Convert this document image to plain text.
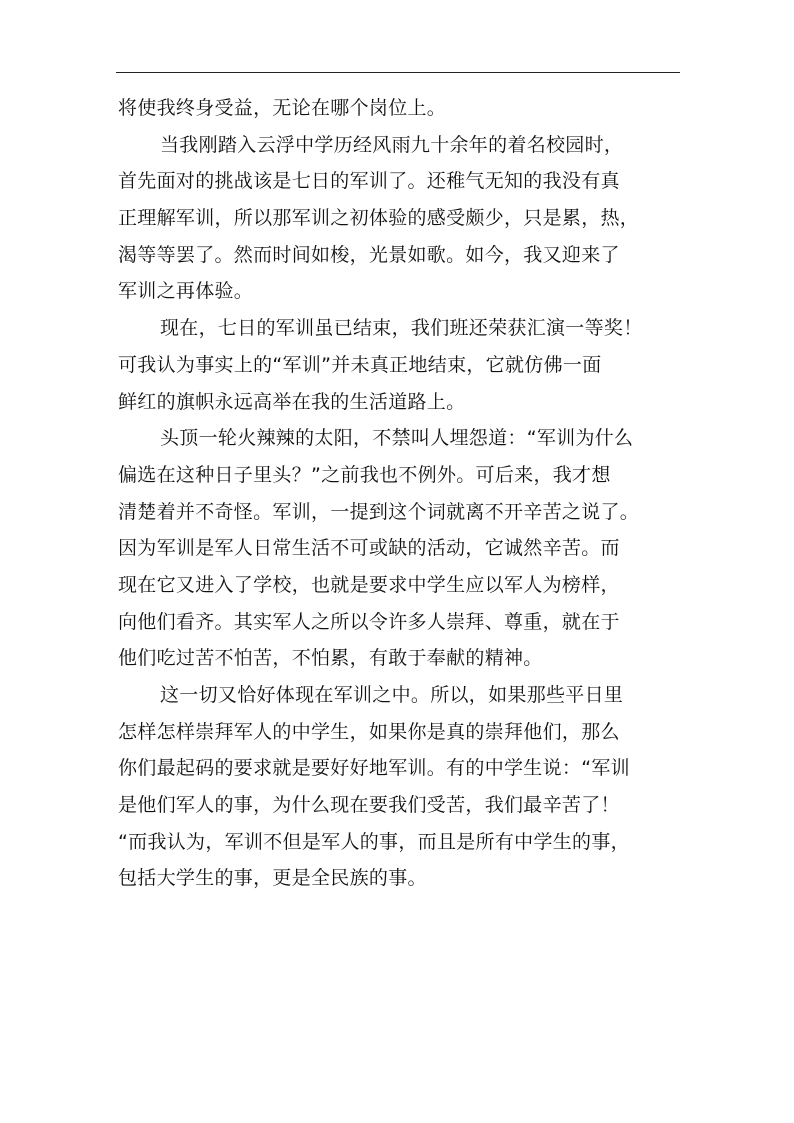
将使我终身受益，无论在哪个岗位上。
当我刚踏入云浮中学历经风雨九十余年的着名校园时，
首先面对的挑战该是七日的军训了。还稚气无知的我没有真
正理解军训，所以那军训之初体验的感受颇少，只是累，热，
渴等等罢了。然而时间如梭，光景如歌。如今，我又迎来了
军训之再体验。
现在，七日的军训虽已结束，我们班还荣获汇演一等奖！
可我认为事实上的“军训”并未真正地结束，它就仿佛一面
鲜红的旗帜永远高举在我的生活道路上。
头顶一轮火辣辣的太阳，不禁叫人埋怨道：“军训为什么
偏选在这种日子里头？”之前我也不例外。可后来，我才想
清楚着并不奇怪。军训，一提到这个词就离不开辛苦之说了。
因为军训是军人日常生活不可或缺的活动，它诚然辛苦。而
现在它又进入了学校，也就是要求中学生应以军人为榜样，
向他们看齐。其实军人之所以令许多人崇拜、尊重，就在于
他们吃过苦不怕苦，不怕累，有敢于奉献的精神。
这一切又恰好体现在军训之中。所以，如果那些平日里
怎样怎样崇拜军人的中学生，如果你是真的崇拜他们，那么
你们最起码的要求就是要好好地军训。有的中学生说：“军训
是他们军人的事，为什么现在要我们受苦，我们最辛苦了！
“而我认为，军训不但是军人的事，而且是所有中学生的事，
包括大学生的事，更是全民族的事。
